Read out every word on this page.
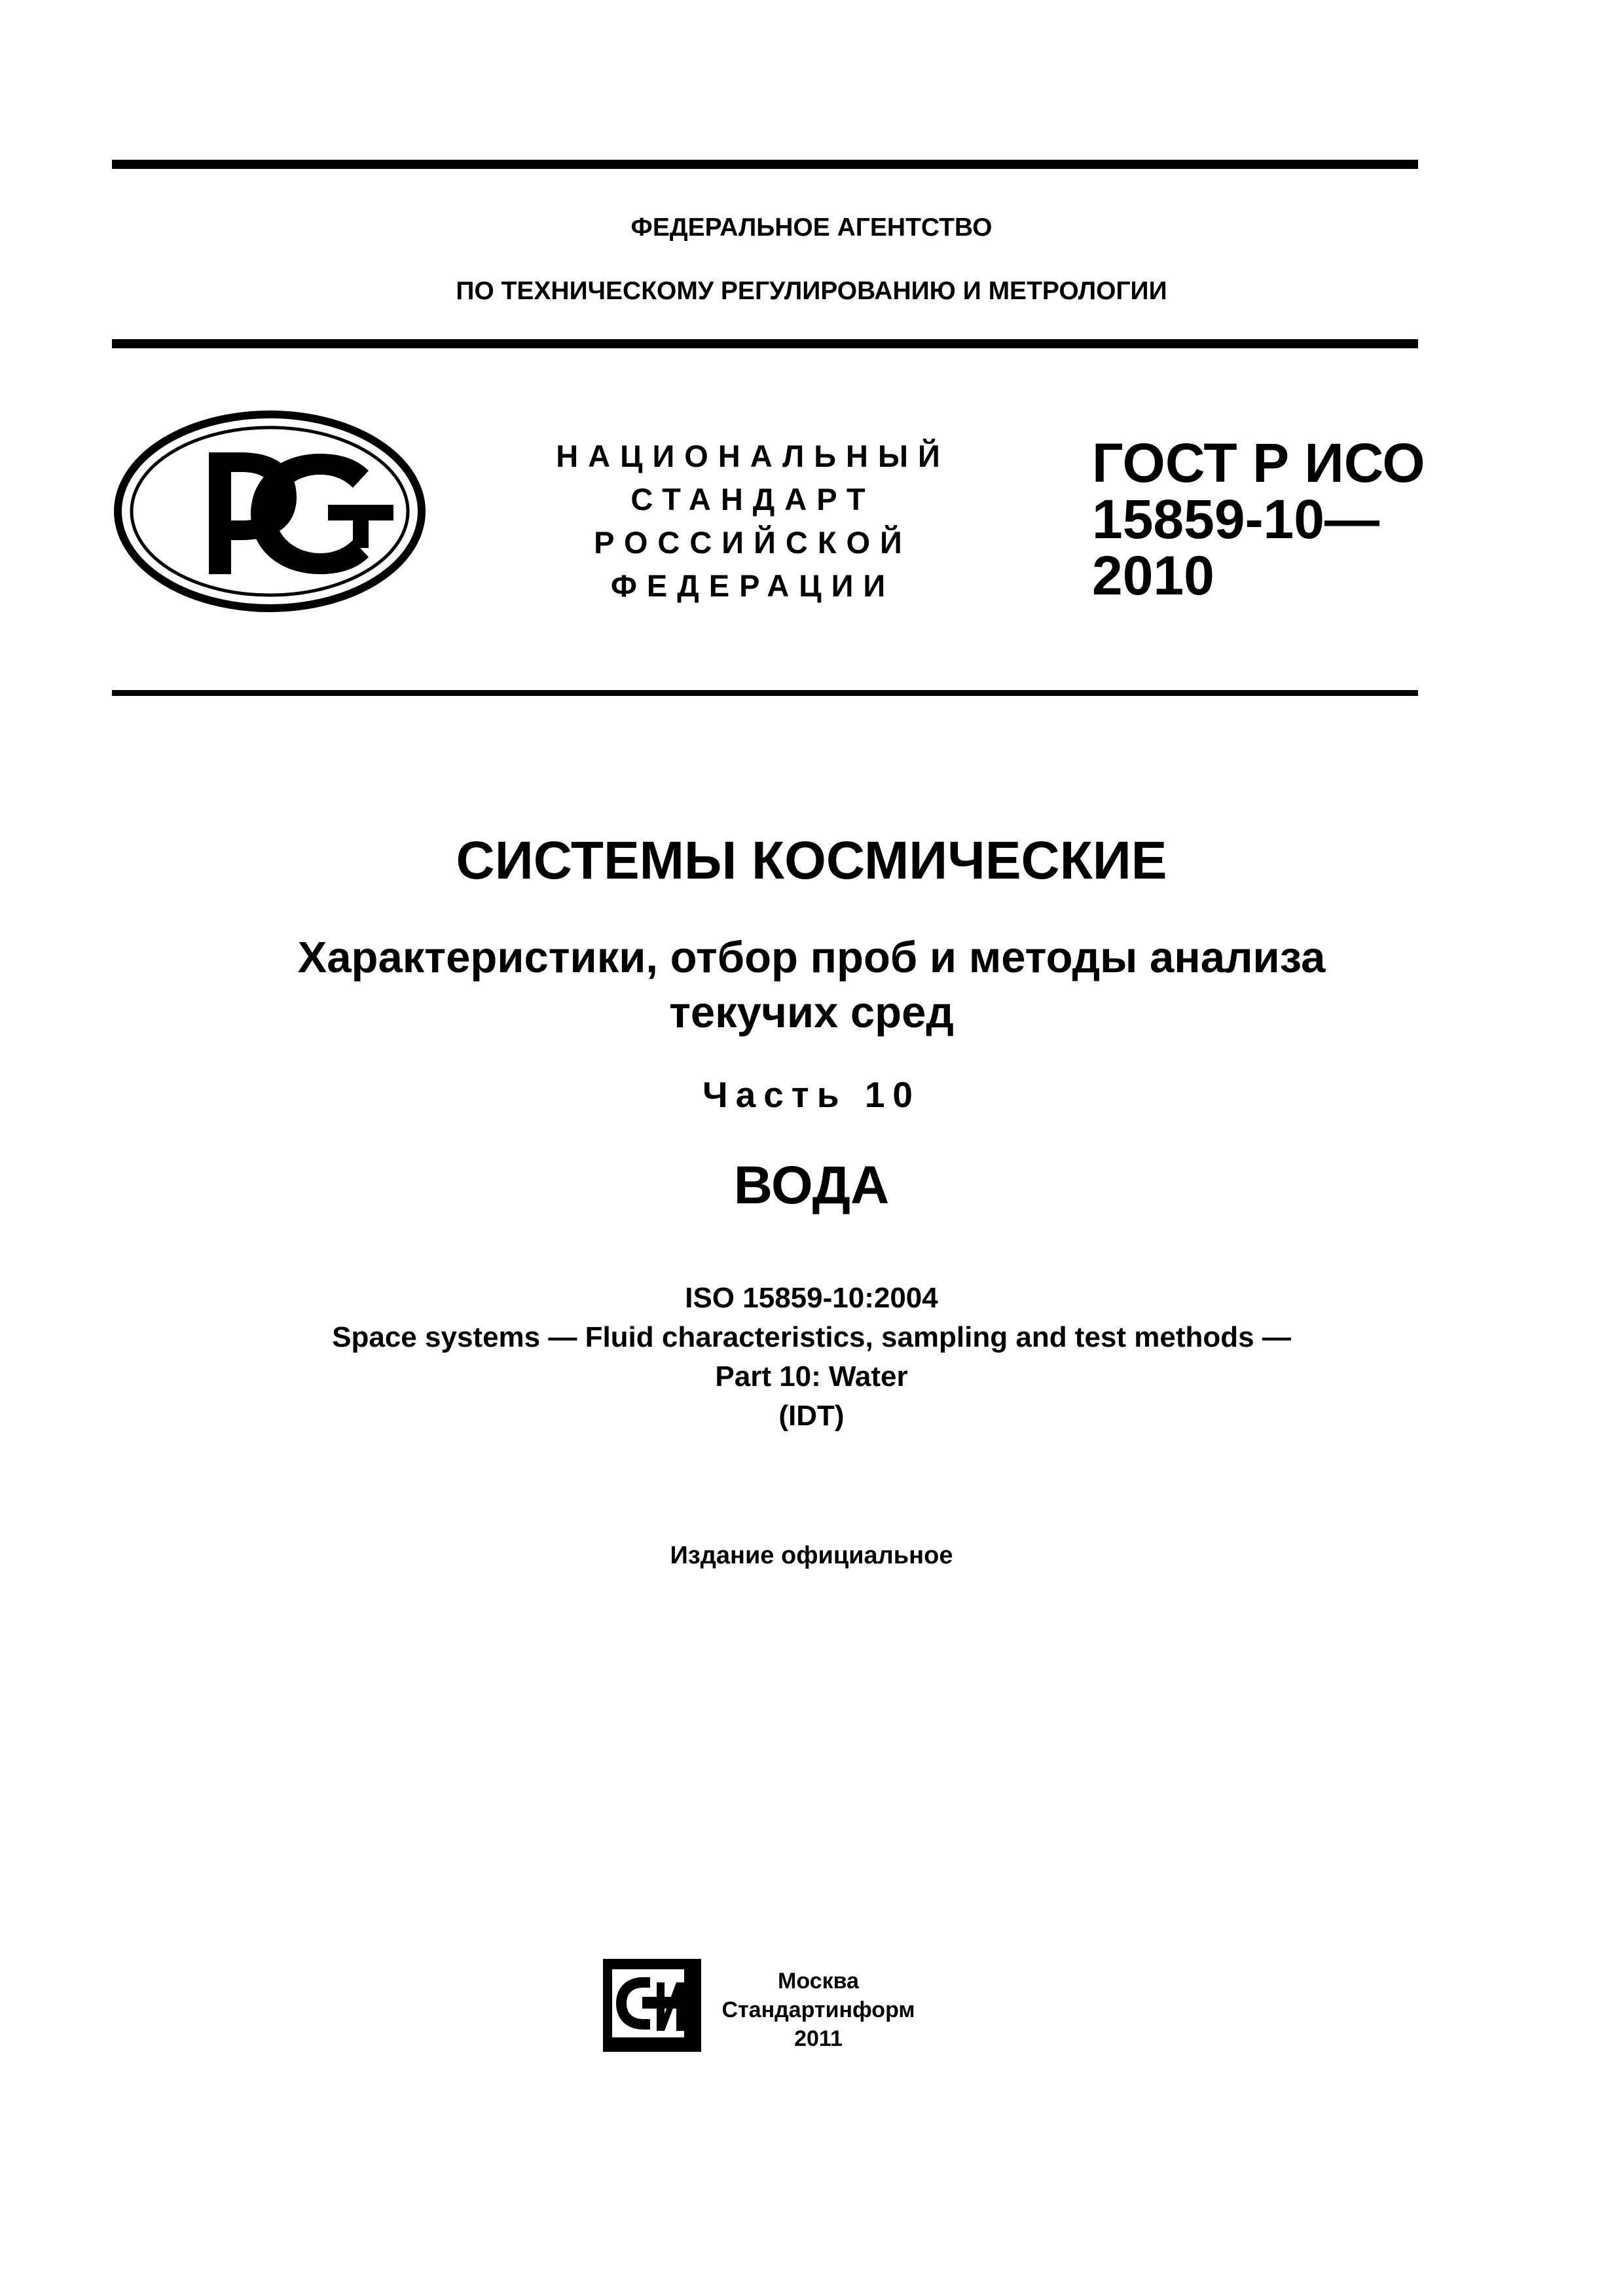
ФЕДЕРАЛЬНОЕ АГЕНТСТВО
ПО ТЕХНИЧЕСКОМУ РЕГУЛИРОВАНИЮ И МЕТРОЛОГИИ
НАЦИОНАЛЬНЫЙ
СТАНДАРТ
РОССИЙСКОЙ
ФЕДЕРАЦИИ
ГОСТ Р ИСО
15859-10—
2010
СИСТЕМЫ КОСМИЧЕСКИЕ
Характеристики, отбор проб и методы анализа
текучих сред
Часть 10
ВОДА
ISO 15859-10:2004
Space systems — Fluid characteristics, sampling and test methods —
Part 10: Water
(IDT)
Издание официальное
Москва
Стандартинформ
2011
